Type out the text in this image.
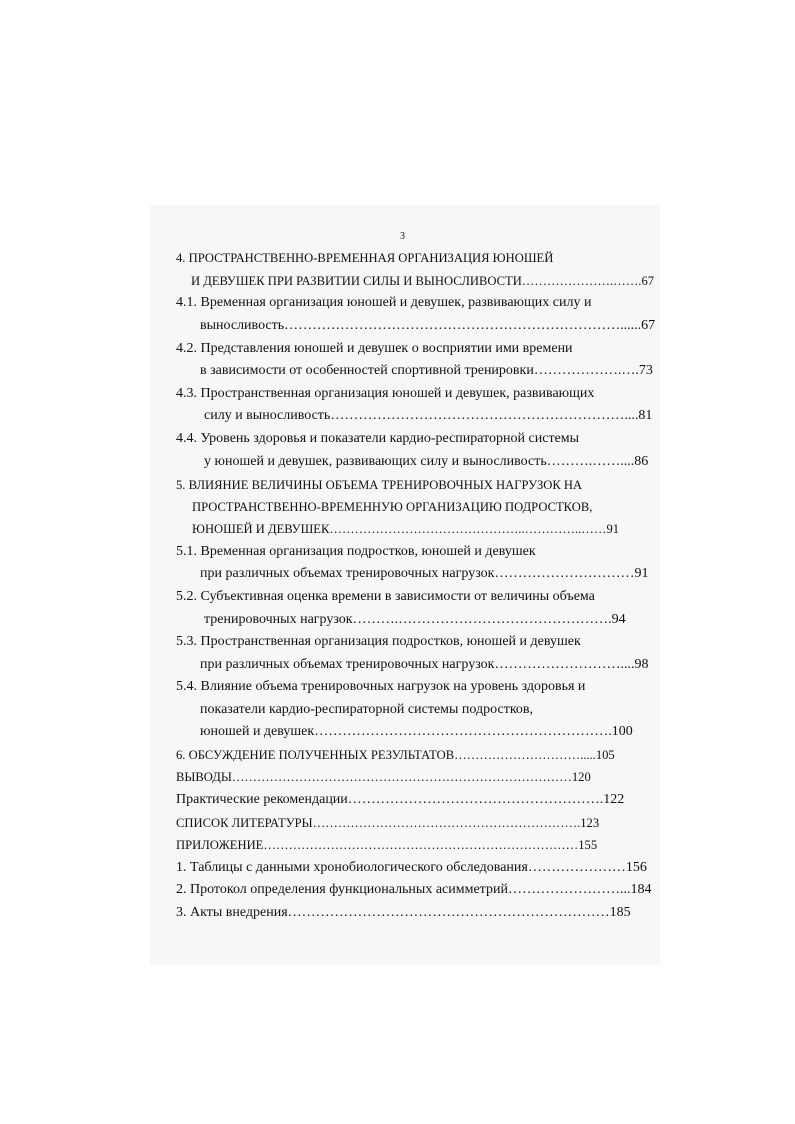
3
4. ПРОСТРАНСТВЕННО-ВРЕМЕННАЯ ОРГАНИЗАЦИЯ ЮНОШЕЙ
И ДЕВУШЕК ПРИ РАЗВИТИИ СИЛЫ И ВЫНОСЛИВОСТИ………………….…….67
4.1. Временная организация юношей и девушек, развивающих силу и
выносливость………………………………………………………………......67
4.2. Представления юношей и девушек о восприятии ими времени
в зависимости от особенностей спортивной тренировки……………….….73
4.3. Пространственная организация юношей и девушек, развивающих
силу и выносливость………………………………………………………....81
4.4. Уровень здоровья и показатели кардио-респираторной системы
у юношей и девушек, развивающих силу и выносливость……….……....86
5. ВЛИЯНИЕ ВЕЛИЧИНЫ ОБЪЕМА ТРЕНИРОВОЧНЫХ НАГРУЗОК НА
ПРОСТРАНСТВЕННО-ВРЕМЕННУЮ ОРГАНИЗАЦИЮ ПОДРОСТКОВ,
ЮНОШЕЙ И ДЕВУШЕК………………………………………..…………..……91
5.1. Временная организация подростков, юношей и девушек
при различных объемах тренировочных нагрузок…………………………91
5.2. Субъективная оценка времени в зависимости от величины объема
тренировочных нагрузок……….……………………………………….94
5.3. Пространственная организация подростков, юношей и девушек
при различных объемах тренировочных нагрузок………………………....98
5.4. Влияние объема тренировочных нагрузок на уровень здоровья и
показатели кардио-респираторной системы подростков,
юношей и девушек……………………………………………………….100
6. ОБСУЖДЕНИЕ ПОЛУЧЕННЫХ РЕЗУЛЬТАТОВ………………………….....105
ВЫВОДЫ………………………………………………………………………120
Практические рекомендации……………………………………………….122
СПИСОК ЛИТЕРАТУРЫ……………………………………………………….123
ПРИЛОЖЕНИЕ…………………………………………………………………155
1. Таблицы с данными хронобиологического обследования…………………156
2. Протокол определения функциональных асимметрий……………………...184
3. Акты внедрения……………………………………………………………185
